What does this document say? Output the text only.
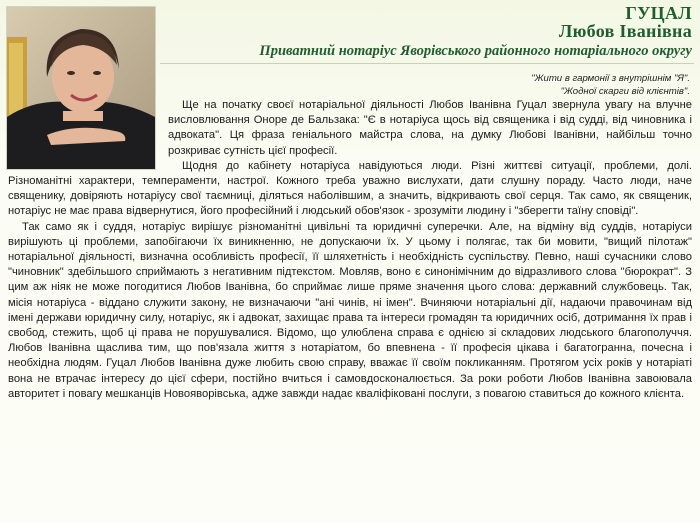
ГУЦАЛ
Любов Іванівна
Приватний нотаріус Яворівського районного нотаріального округу
"Жити в гармонії з внутрішнім "Я".
"Жодної скарги від клієнтів".

Ще на початку своєї нотаріальної діяльності Любов Іванівна Гуцал звернула увагу на влучне висловлювання Оноре де Бальзака: "Є в нотаріуса щось від священика і від судді, від чиновника і адвоката". Ця фраза геніального майстра слова, на думку Любові Іванівни, найбільш точно розкриває сутність цієї професії.

Щодня до кабінету нотаріуса навідуються люди. Різні життєві ситуації, проблеми, долі. Різноманітні характери, темпераменти, настрої. Кожного треба уважно вислухати, дати слушну пораду. Часто люди, наче священику, довіряють нотаріусу свої таємниці, діляться наболівшим, а значить, відкривають свої серця. Так само, як священик, нотаріус не має права відвернутися, його професійний і людський обов'язок - зрозуміти людину і "зберегти таїну сповіді".

Так само як і суддя, нотаріус вирішує різноманітні цивільні та юридичні суперечки. Але, на відміну від суддів, нотаріуси вирішують ці проблеми, запобігаючи їх виникненню, не допускаючи їх. У цьому і полягає, так би мовити, "вищий пілотаж" нотаріальної діяльності, визначна особливість професії, її шляхетність і необхідність суспільству. Певно, наші сучасники слово "чиновник" здебільшого сприймають з негативним підтекстом. Мовляв, воно є синонімічним до відразливого слова "бюрократ". З цим аж ніяк не може погодитися Любов Іванівна, бо сприймає лише пряме значення цього слова: державний службовець. Так, місія нотаріуса - віддано служити закону, не визначаючи "ані чинів, ні імен". Вчиняючи нотаріальні дії, надаючи правочинам від імені держави юридичну силу, нотаріус, як і адвокат, захищає права та інтереси громадян та юридичних осіб, дотримання їх прав і свобод, стежить, щоб ці права не порушувалися. Відомо, що улюблена справа є однією зі складових людського благополуччя. Любов Іванівна щаслива тим, що пов'язала життя з нотаріатом, бо впевнена - її професія цікава і багатогранна, почесна і необхідна людям. Гуцал Любов Іванівна дуже любить свою справу, вважає її своїм покликанням. Протягом усіх років у нотаріаті вона не втрачає інтересу до цієї сфери, постійно вчиться і самовдосконалюється. За роки роботи Любов Іванівна завоювала авторитет і повагу мешканців Новояворівська, адже завжди надає кваліфіковані послуги, з повагою ставиться до кожного клієнта.
